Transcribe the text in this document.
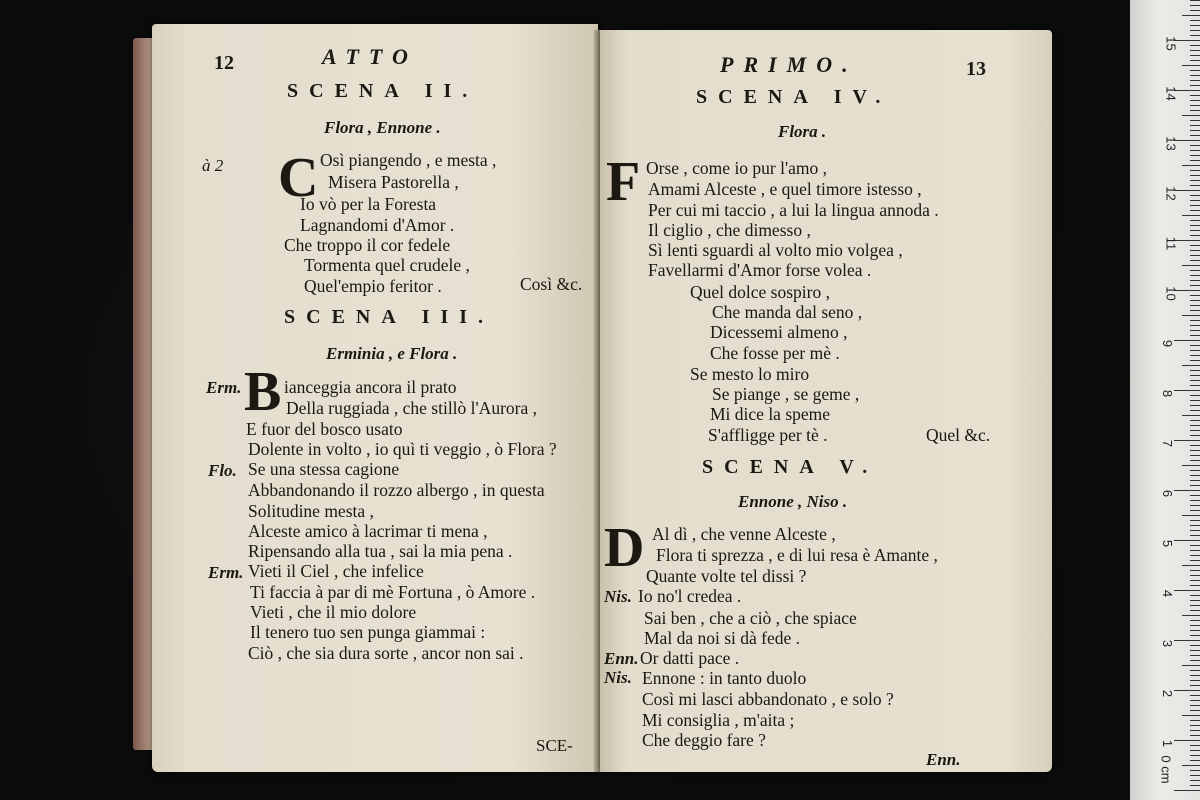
12	ATTO
SCENA II.
Flora , Ennone .
à 2 C Osì piangendo , e mesta ,
Misera Pastorella ,
Io vò per la Foresta
Lagnandomi d'Amor .
Che troppo il cor fedele
Tormenta quel crudele ,
Quel'empio feritor .	Così &c.
SCENA III.
Erminia , e Flora .
Erm. B ianceggia ancora il prato
Della ruggiada , che stillò l'Aurora ,
E fuor del bosco usato
Dolente in volto , io quì ti veggio , ò Flora ?
Flo. Se una stessa cagione
Abbandonando il rozzo albergo , in questa
Solitudine mesta ,
Alceste amico à lacrimar ti mena ,
Ripensando alla tua , sai la mia pena .
Erm. Vieti il Ciel , che infelice
Ti faccia à par di mè Fortuna , ò Amore .
Vieti , che il mio dolore
Il tenero tuo sen punga giammai :
Ciò , che sia dura sorte , ancor non sai .
SCE-
PRIMO.	13
SCENA IV.
Flora .
F Orse , come io pur l'amo ,
Amami Alceste , e quel timore istesso ,
Per cui mi taccio , a lui la lingua annoda .
Il ciglio , che dimesso ,
Sì lenti sguardi al volto mio volgea ,
Favellarmi d'Amor forse volea .
Quel dolce sospiro ,
Che manda dal seno ,
Dicessemi almeno ,
Che fosse per mè .
Se mesto lo miro
Se piange , se geme ,
Mi dice la speme
S'affligge per tè .	Quel &c.
SCENA V.
Ennone , Niso .
D Al dì , che venne Alceste ,
Flora ti sprezza , e di lui resa è Amante ,
Quante volte tel dissi ?
Nis. Io no'l credea .
Sai ben , che a ciò , che spiace
Mal da noi si dà fede .
Enn. Or datti pace .
Nis. Ennone : in tanto duolo
Così mi lasci abbandonato , e solo ?
Mi consiglia , m'aita ;
Che deggio fare ?
Enn.
15
14
13
12
11
10
9
8
7
6
5
4
3
2
1
0 cm
